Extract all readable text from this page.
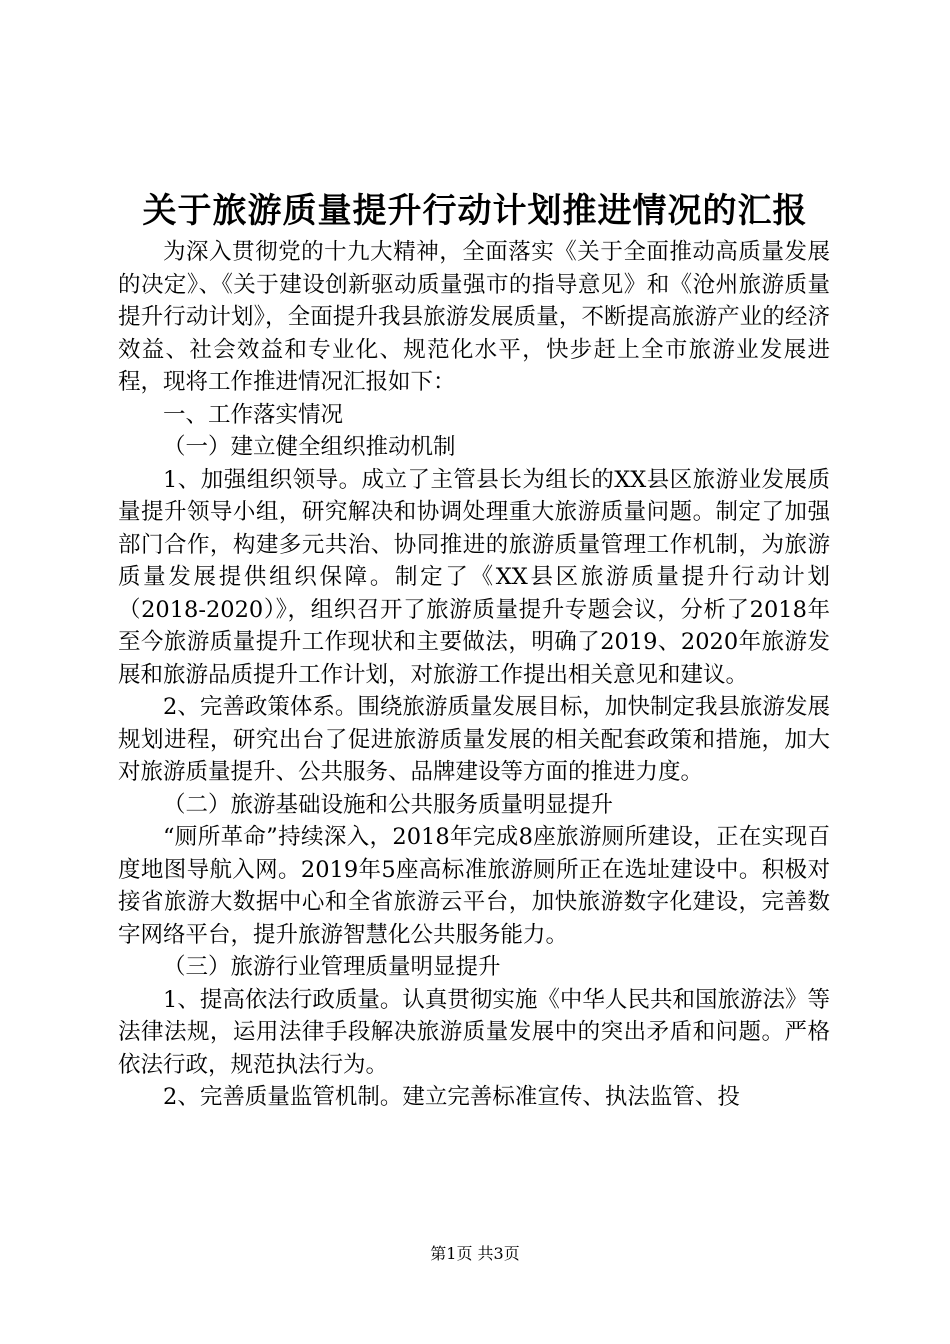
关于旅游质量提升行动计划推进情况的汇报

为深入贯彻党的十九大精神，全面落实《关于全面推动高质量发展的决定》、《关于建设创新驱动质量强市的指导意见》和《沧州旅游质量提升行动计划》，全面提升我县旅游发展质量，不断提高旅游产业的经济效益、社会效益和专业化、规范化水平，快步赶上全市旅游业发展进程，现将工作推进情况汇报如下：

一、工作落实情况

（一）建立健全组织推动机制

1、加强组织领导。成立了主管县长为组长的XX县区旅游业发展质量提升领导小组，研究解决和协调处理重大旅游质量问题。制定了加强部门合作，构建多元共治、协同推进的旅游质量管理工作机制，为旅游质量发展提供组织保障。制定了《XX县区旅游质量提升行动计划（2018-2020）》，组织召开了旅游质量提升专题会议，分析了2018年至今旅游质量提升工作现状和主要做法，明确了2019、2020年旅游发展和旅游品质提升工作计划，对旅游工作提出相关意见和建议。

2、完善政策体系。围绕旅游质量发展目标，加快制定我县旅游发展规划进程，研究出台了促进旅游质量发展的相关配套政策和措施，加大对旅游质量提升、公共服务、品牌建设等方面的推进力度。

（二）旅游基础设施和公共服务质量明显提升

“厕所革命”持续深入，2018年完成8座旅游厕所建设，正在实现百度地图导航入网。2019年5座高标准旅游厕所正在选址建设中。积极对接省旅游大数据中心和全省旅游云平台，加快旅游数字化建设，完善数字网络平台，提升旅游智慧化公共服务能力。

（三）旅游行业管理质量明显提升

1、提高依法行政质量。认真贯彻实施《中华人民共和国旅游法》等法律法规，运用法律手段解决旅游质量发展中的突出矛盾和问题。严格依法行政，规范执法行为。

2、完善质量监管机制。建立完善标准宣传、执法监管、投

第1页 共3页
